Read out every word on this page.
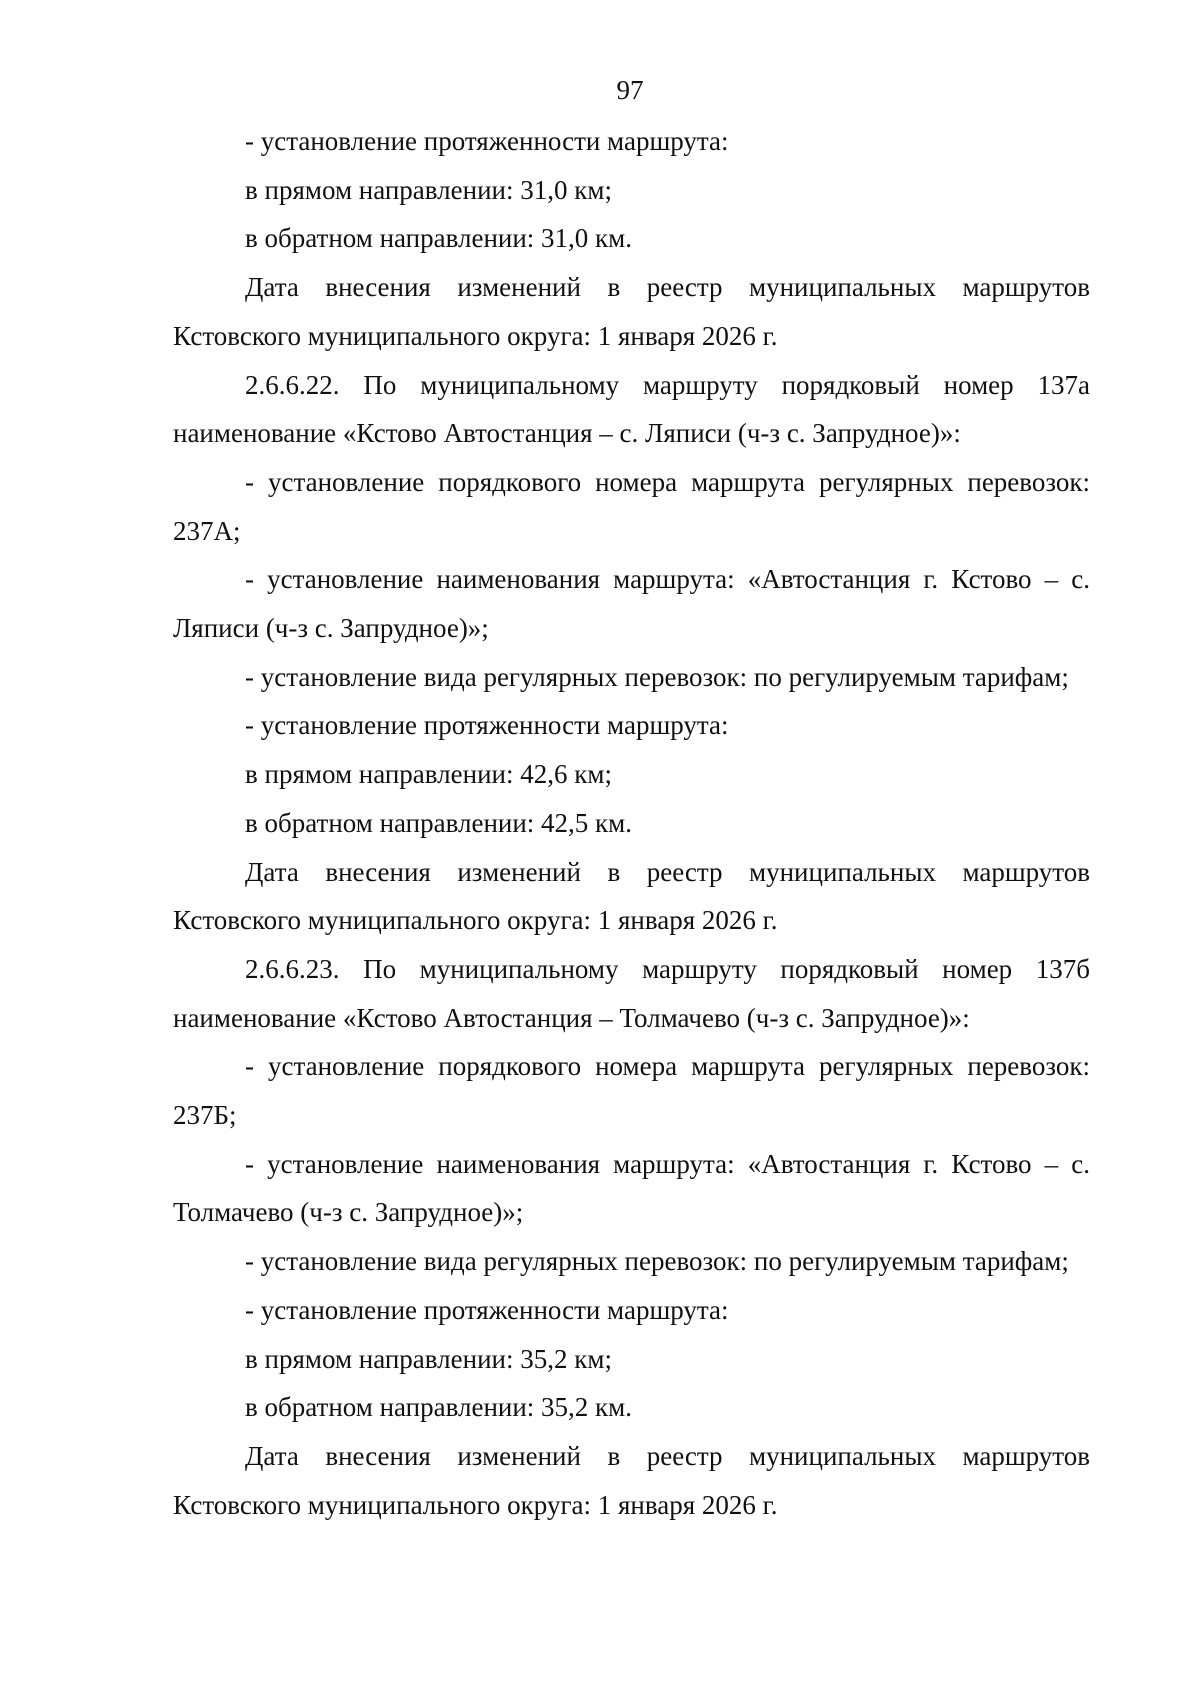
97

- установление протяженности маршрута:

в прямом направлении: 31,0 км;

в обратном направлении: 31,0 км.

Дата внесения изменений в реестр муниципальных маршрутов Кстовского муниципального округа: 1 января 2026 г.

2.6.6.22. По муниципальному маршруту порядковый номер 137а наименование «Кстово Автостанция – с. Ляписи (ч-з с. Запрудное)»:

- установление порядкового номера маршрута регулярных перевозок: 237А;

- установление наименования маршрута: «Автостанция г. Кстово – с. Ляписи (ч-з с. Запрудное)»;

- установление вида регулярных перевозок: по регулируемым тарифам;

- установление протяженности маршрута:

в прямом направлении: 42,6 км;

в обратном направлении: 42,5 км.

Дата внесения изменений в реестр муниципальных маршрутов Кстовского муниципального округа: 1 января 2026 г.

2.6.6.23. По муниципальному маршруту порядковый номер 137б наименование «Кстово Автостанция – Толмачево (ч-з с. Запрудное)»:

- установление порядкового номера маршрута регулярных перевозок: 237Б;

- установление наименования маршрута: «Автостанция г. Кстово – с. Толмачево (ч-з с. Запрудное)»;

- установление вида регулярных перевозок: по регулируемым тарифам;

- установление протяженности маршрута:

в прямом направлении: 35,2 км;

в обратном направлении: 35,2 км.

Дата внесения изменений в реестр муниципальных маршрутов Кстовского муниципального округа: 1 января 2026 г.
